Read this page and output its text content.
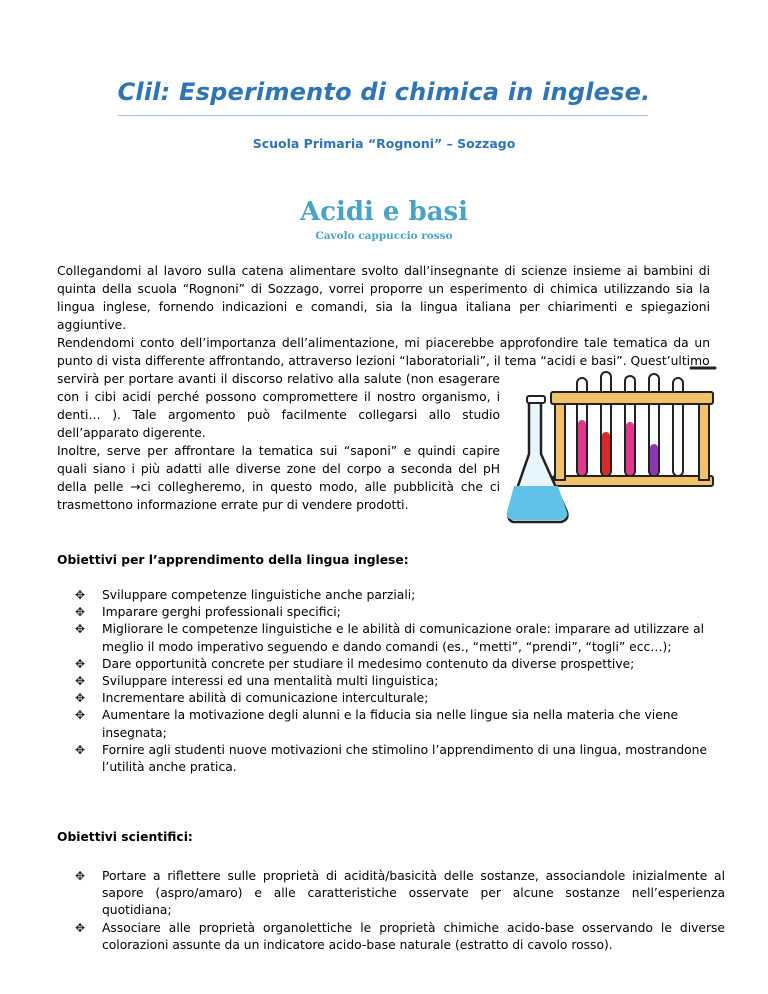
Clil: Esperimento di chimica in inglese.
Scuola Primaria “Rognoni” – Sozzago
Acidi e basi
Cavolo cappuccio rosso
Collegandomi al lavoro sulla catena alimentare svolto dall’insegnante di scienze insieme ai bambini di quinta della scuola “Rognoni” di Sozzago, vorrei proporre un esperimento di chimica utilizzando sia la lingua inglese, fornendo indicazioni e comandi, sia la lingua italiana per chiarimenti e spiegazioni aggiuntive.
Rendendomi conto dell’importanza dell’alimentazione, mi piacerebbe approfondire tale tematica da un punto di vista differente affrontando, attraverso lezioni “laboratoriali”, il tema “acidi e basi”. Quest’ultimo

servirà per portare avanti il discorso relativo alla salute (non esagerare con i cibi acidi perché possono compromettere il nostro organismo, i denti… ). Tale argomento può facilmente collegarsi allo studio dell’apparato digerente.

Inoltre, serve per affrontare la tematica sui “saponi” e quindi capire quali siano i più adatti alle diverse zone del corpo a seconda del pH della pelle →ci collegheremo, in questo modo, alle pubblicità che ci trasmettono informazione errate pur di vendere prodotti.

Obiettivi per l’apprendimento della lingua inglese:
✥ Sviluppare competenze linguistiche anche parziali;
✥ Imparare gerghi professionali specifici;
✥ Migliorare le competenze linguistiche e le abilità di comunicazione orale: imparare ad utilizzare al meglio il modo imperativo seguendo e dando comandi (es., “metti”, “prendi”, “togli” ecc…);
✥ Dare opportunità concrete per studiare il medesimo contenuto da diverse prospettive;
✥ Sviluppare interessi ed una mentalità multi linguistica;
✥ Incrementare abilità di comunicazione interculturale;
✥ Aumentare la motivazione degli alunni e la fiducia sia nelle lingue sia nella materia che viene insegnata;
✥ Fornire agli studenti nuove motivazioni che stimolino l’apprendimento di una lingua, mostrandone l’utilità anche pratica.
Obiettivi scientifici:
✥ Portare a riflettere sulle proprietà di acidità/basicità delle sostanze, associandole inizialmente al sapore (aspro/amaro) e alle caratteristiche osservate per alcune sostanze nell’esperienza quotidiana;
✥ Associare alle proprietà organolettiche le proprietà chimiche acido-base osservando le diverse colorazioni assunte da un indicatore acido-base naturale (estratto di cavolo rosso).
